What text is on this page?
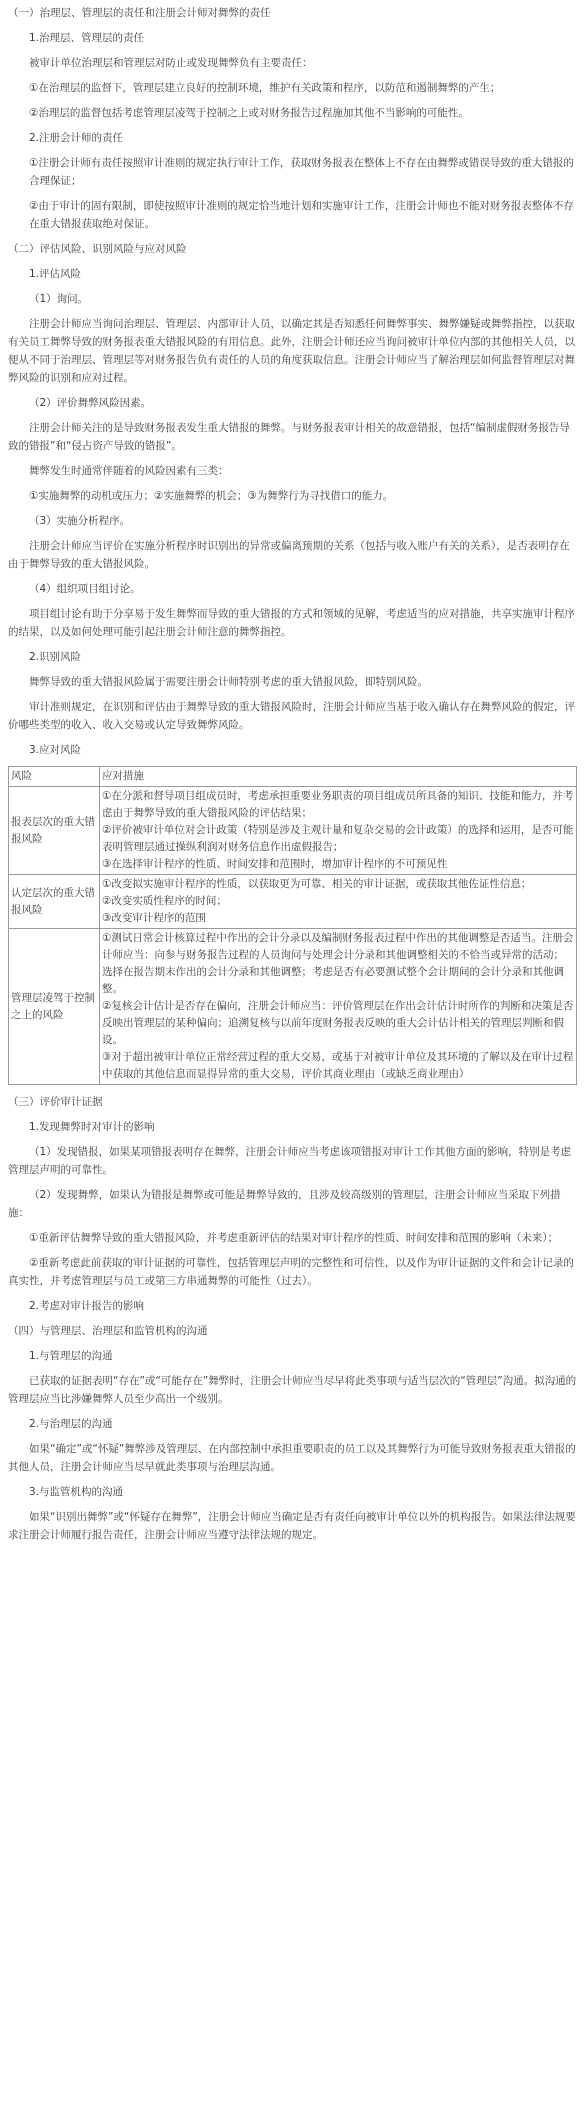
（一）治理层、管理层的责任和注册会计师对舞弊的责任

1.治理层、管理层的责任

被审计单位治理层和管理层对防止或发现舞弊负有主要责任：

①在治理层的监督下，管理层建立良好的控制环境，维护有关政策和程序，以防范和遏制舞弊的产生；

②治理层的监督包括考虑管理层凌驾于控制之上或对财务报告过程施加其他不当影响的可能性。

2.注册会计师的责任

①注册会计师有责任按照审计准则的规定执行审计工作，获取财务报表在整体上不存在由舞弊或错误导致的重大错报的合理保证；

②由于审计的固有限制，即使按照审计准则的规定恰当地计划和实施审计工作，注册会计师也不能对财务报表整体不存在重大错报获取绝对保证。

（二）评估风险、识别风险与应对风险

1.评估风险

（1）询问。

注册会计师应当询问治理层、管理层、内部审计人员，以确定其是否知悉任何舞弊事实、舞弊嫌疑或舞弊指控，以获取有关员工舞弊导致的财务报表重大错报风险的有用信息。此外，注册会计师还应当询问被审计单位内部的其他相关人员，以便从不同于治理层、管理层等对财务报告负有责任的人员的角度获取信息。注册会计师应当了解治理层如何监督管理层对舞弊风险的识别和应对过程。

（2）评价舞弊风险因素。

注册会计师关注的是导致财务报表发生重大错报的舞弊。与财务报表审计相关的故意错报，包括“编制虚假财务报告导致的错报”和“侵占资产导致的错报”。

舞弊发生时通常伴随着的风险因素有三类：

①实施舞弊的动机或压力；②实施舞弊的机会；③为舞弊行为寻找借口的能力。

（3）实施分析程序。

注册会计师应当评价在实施分析程序时识别出的异常或偏离预期的关系（包括与收入账户有关的关系），是否表明存在由于舞弊导致的重大错报风险。

（4）组织项目组讨论。

项目组讨论有助于分享易于发生舞弊而导致的重大错报的方式和领域的见解，考虑适当的应对措施，共享实施审计程序的结果，以及如何处理可能引起注册会计师注意的舞弊指控。

2.识别风险

舞弊导致的重大错报风险属于需要注册会计师特别考虑的重大错报风险，即特别风险。

审计准则规定，在识别和评估由于舞弊导致的重大错报风险时，注册会计师应当基于收入确认存在舞弊风险的假定，评价哪些类型的收入、收入交易或认定导致舞弊风险。

3.应对风险

风险	应对措施
报表层次的重大错报风险	①在分派和督导项目组成员时，考虑承担重要业务职责的项目组成员所具备的知识、技能和能力，并考虑由于舞弊导致的重大错报风险的评估结果；
②评价被审计单位对会计政策（特别是涉及主观计量和复杂交易的会计政策）的选择和运用，是否可能表明管理层通过操纵利润对财务信息作出虚假报告；
③在选择审计程序的性质、时间安排和范围时，增加审计程序的不可预见性

认定层次的重大错报风险	①改变拟实施审计程序的性质，以获取更为可靠、相关的审计证据，或获取其他佐证性信息；
②改变实质性程序的时间；
③改变审计程序的范围

管理层凌驾于控制之上的风险	①测试日常会计核算过程中作出的会计分录以及编制财务报表过程中作出的其他调整是否适当。注册会计师应当：向参与财务报告过程的人员询问与处理会计分录和其他调整相关的不恰当或异常的活动；选择在报告期末作出的会计分录和其他调整；考虑是否有必要测试整个会计期间的会计分录和其他调整。
②复核会计估计是否存在偏向，注册会计师应当：评价管理层在作出会计估计时所作的判断和决策是否反映出管理层的某种偏向；追溯复核与以前年度财务报表反映的重大会计估计相关的管理层判断和假设。
③对于超出被审计单位正常经营过程的重大交易，或基于对被审计单位及其环境的了解以及在审计过程中获取的其他信息而显得异常的重大交易，评价其商业理由（或缺乏商业理由）

（三）评价审计证据

1.发现舞弊时对审计的影响

（1）发现错报，如果某项错报表明存在舞弊，注册会计师应当考虑该项错报对审计工作其他方面的影响，特别是考虑管理层声明的可靠性。

（2）发现舞弊，如果认为错报是舞弊或可能是舞弊导致的，且涉及较高级别的管理层，注册会计师应当采取下列措施：

①重新评估舞弊导致的重大错报风险，并考虑重新评估的结果对审计程序的性质、时间安排和范围的影响（未来）；

②重新考虑此前获取的审计证据的可靠性，包括管理层声明的完整性和可信性，以及作为审计证据的文件和会计记录的真实性，并考虑管理层与员工或第三方串通舞弊的可能性（过去）。

2.考虑对审计报告的影响

（四）与管理层、治理层和监管机构的沟通

1.与管理层的沟通

已获取的证据表明“存在”或“可能存在”舞弊时，注册会计师应当尽早将此类事项与适当层次的“管理层”沟通。拟沟通的管理层应当比涉嫌舞弊人员至少高出一个级别。

2.与治理层的沟通

如果“确定”或“怀疑”舞弊涉及管理层、在内部控制中承担重要职责的员工以及其舞弊行为可能导致财务报表重大错报的其他人员，注册会计师应当尽早就此类事项与治理层沟通。

3.与监管机构的沟通

如果“识别出舞弊”或“怀疑存在舞弊”，注册会计师应当确定是否有责任向被审计单位以外的机构报告。如果法律法规要求注册会计师履行报告责任，注册会计师应当遵守法律法规的规定。
